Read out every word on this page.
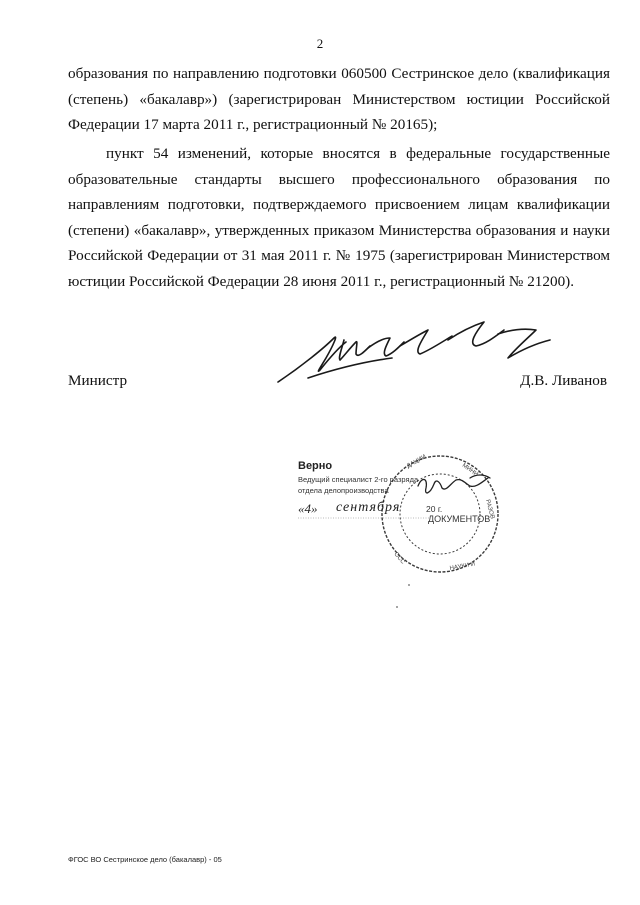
2
образования по направлению подготовки 060500 Сестринское дело (квалификация (степень) «бакалавр») (зарегистрирован Министерством юстиции Российской Федерации 17 марта 2011 г., регистрационный № 20165);
пункт 54 изменений, которые вносятся в федеральные государственные образовательные стандарты высшего профессионального образования по направлениям подготовки, подтверждаемого присвоением лицам квалификации (степени) «бакалавр», утвержденных приказом Министерства образования и науки Российской Федерации от 31 мая 2011 г. № 1975 (зарегистрирован Министерством юстиции Российской Федерации 28 июня 2011 г., регистрационный № 21200).
Министр	Д.В. Ливанов
ДАЦИИ
МИНИ
РАЗОВ
НАУКИ И
ОСС
Верно
Ведущий специалист 2-го разряда
отдела делопроизводства
«4» сентября	20 г.
ДОКУМЕНТОВ
ФГОС ВО Сестринское дело (бакалавр) - 05
